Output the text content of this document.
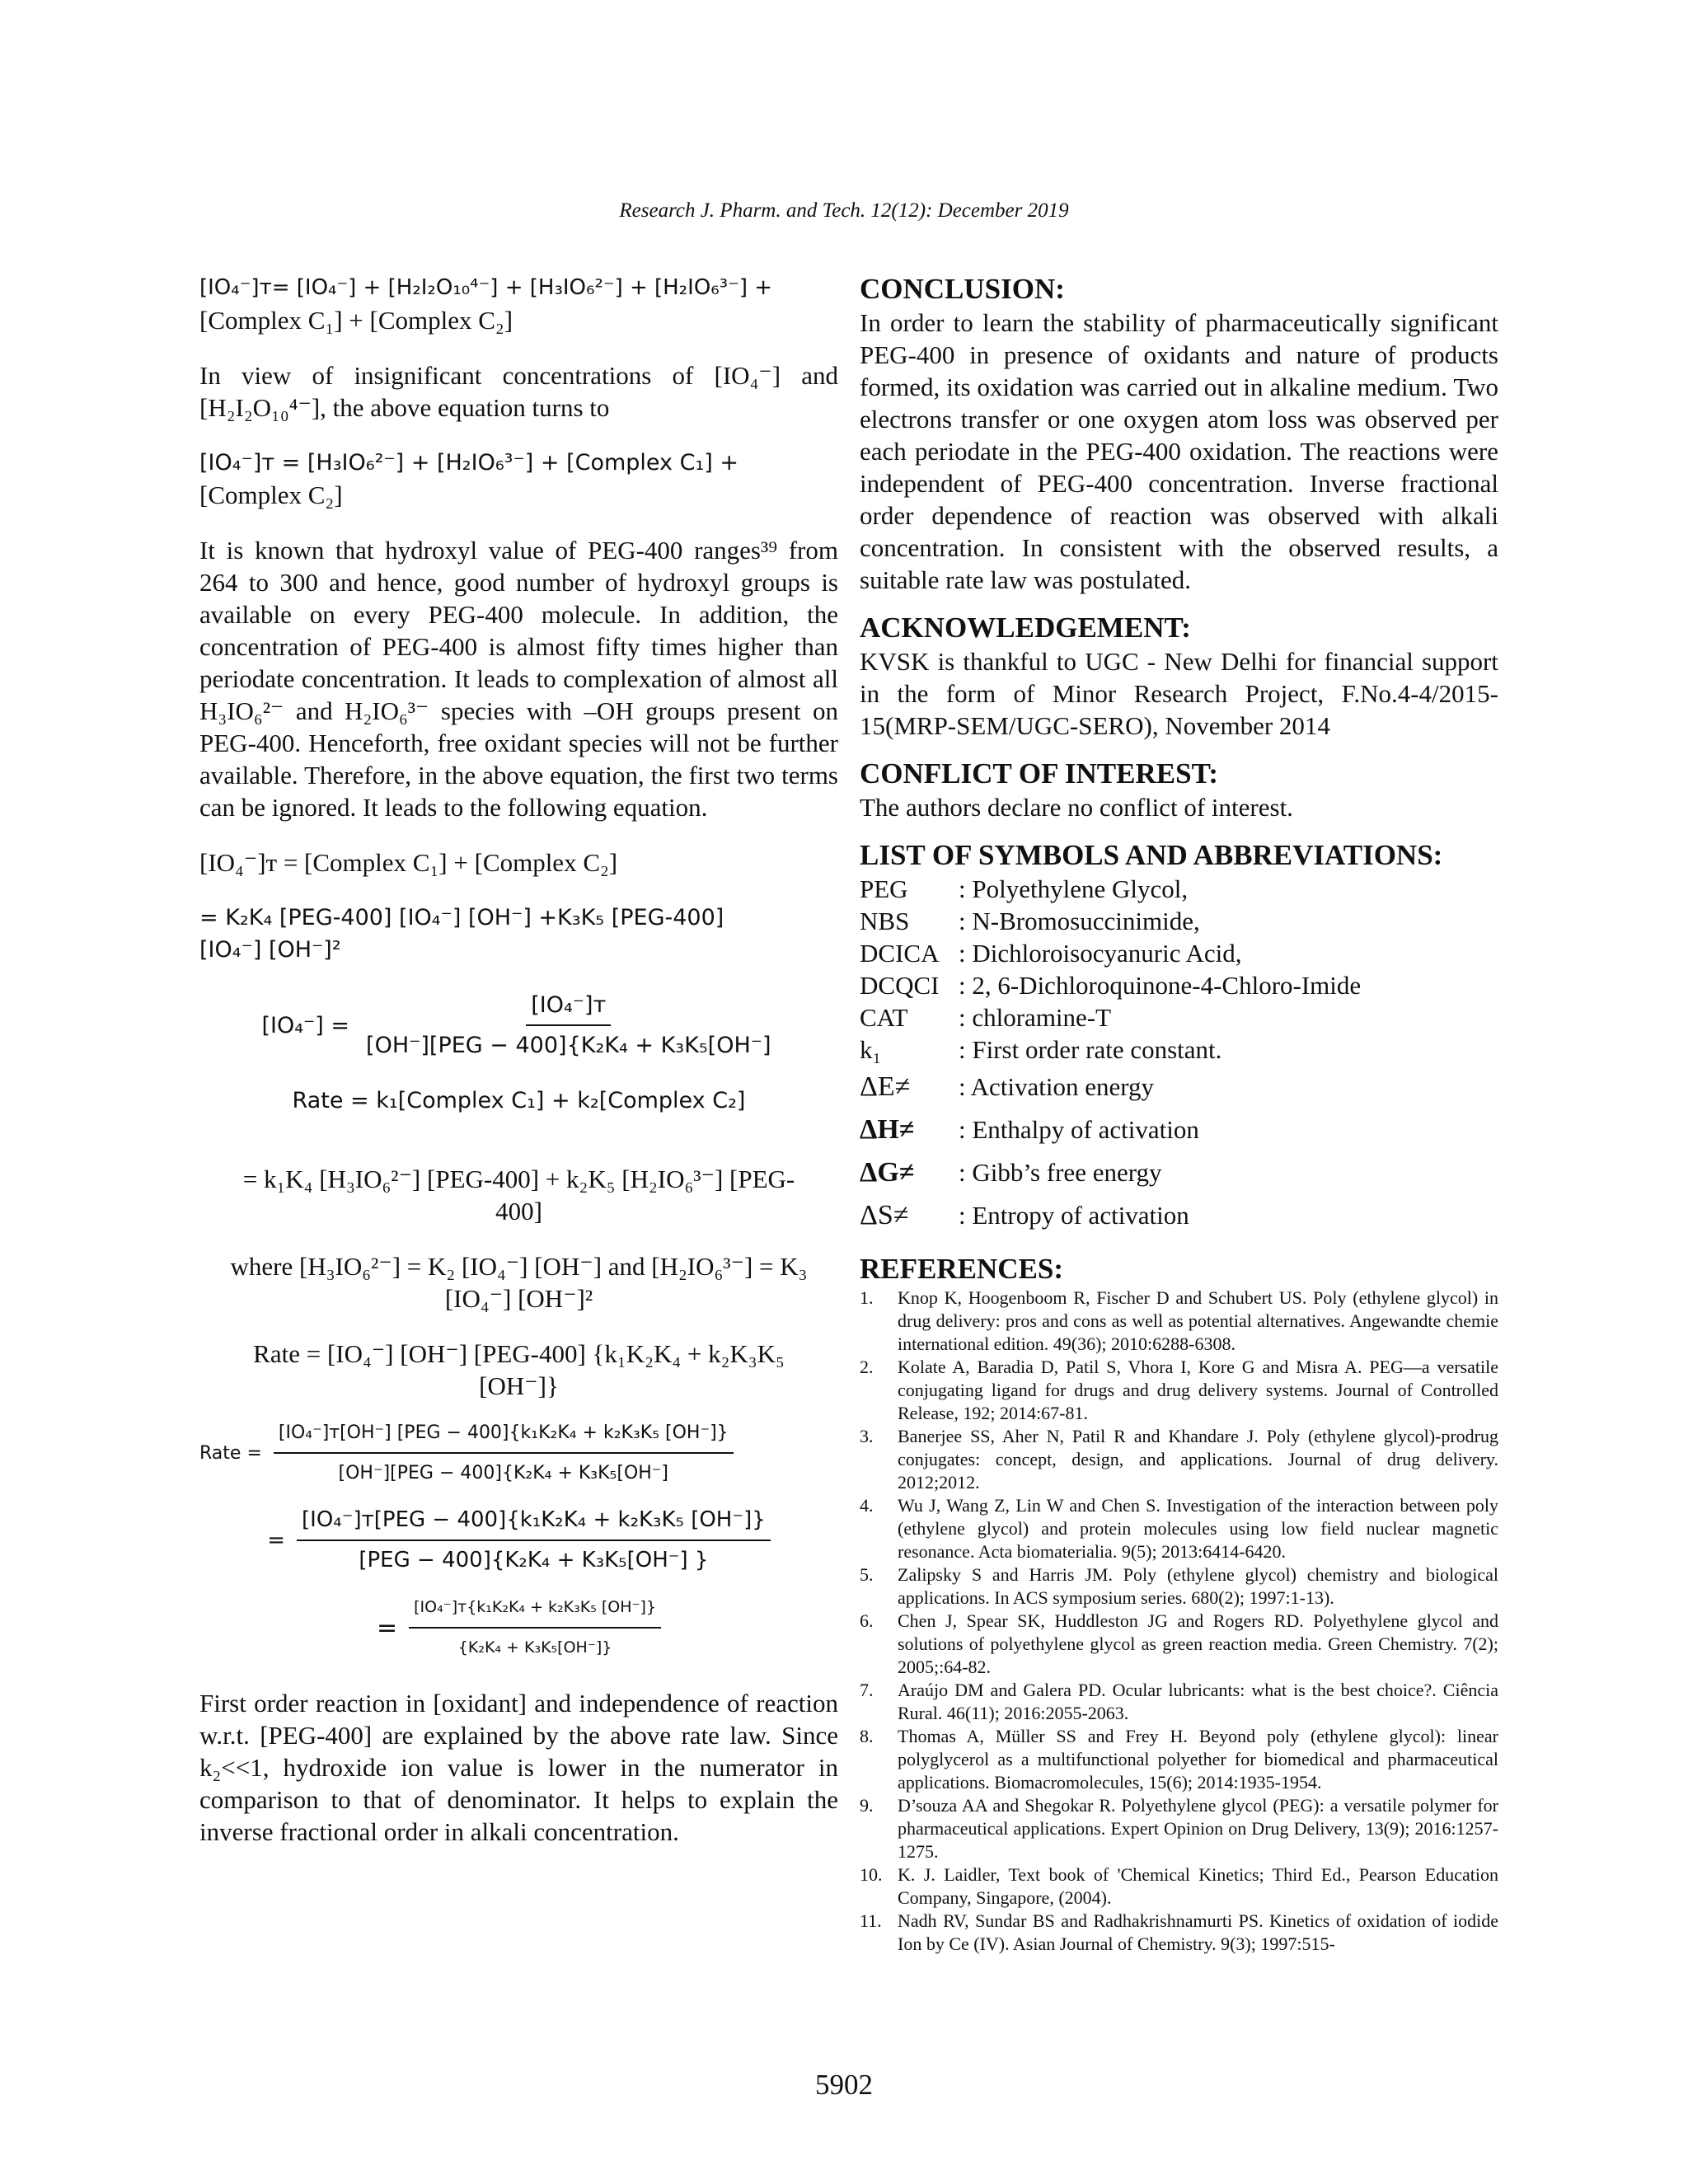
Research J. Pharm. and Tech. 12(12): December 2019

[IO₄⁻]ᴛ= [IO₄⁻] + [H₂I₂O₁₀⁴⁻] + [H₃IO₆²⁻] + [H₂IO₆³⁻] +

[Complex C₁] + [Complex C₂]

In view of insignificant concentrations of [IO₄⁻] and [H₂I₂O₁₀⁴⁻], the above equation turns to

[IO₄⁻]ᴛ = [H₃IO₆²⁻] + [H₂IO₆³⁻] + [Complex C₁] +

[Complex C₂]

It is known that hydroxyl value of PEG-400 ranges³⁹ from 264 to 300 and hence, good number of hydroxyl groups is available on every PEG-400 molecule. In addition, the concentration of PEG-400 is almost fifty times higher than periodate concentration. It leads to complexation of almost all H₃IO₆²⁻ and H₂IO₆³⁻ species with –OH groups present on PEG-400. Henceforth, free oxidant species will not be further available. Therefore, in the above equation, the first two terms can be ignored. It leads to the following equation.

[IO₄⁻]ᴛ = [Complex C₁] + [Complex C₂]

= K₂K₄ [PEG-400] [IO₄⁻] [OH⁻] +K₃K₅ [PEG-400]

[IO₄⁻] [OH⁻]²

$[IO_4^-] = \frac{\text{[IO₄⁻]ᴛ}}{\text{[OH⁻][PEG − 400]\{K₂K₄ + K₃K₅[OH⁻]}}$

Rate = k₁[Complex C₁] + k₂[Complex C₂]

= k₁K₄ [H₃IO₆²⁻] [PEG-400] + k₂K₅ [H₂IO₆³⁻] [PEG-

400]

where [H₃IO₆²⁻] = K₂ [IO₄⁻] [OH⁻] and [H₂IO₆³⁻] = K₃

[IO₄⁻] [OH⁻]²

Rate = [IO₄⁻] [OH⁻] [PEG-400] {k₁K₂K₄ + k₂K₃K₅

[OH⁻]}

Rate = $\frac{\text{[IO₄⁻]ᴛ[OH⁻] [PEG − 400]\{k₁K₂K₄ + k₂K₃K₅ [OH⁻]\}}}{\text{[OH⁻][PEG − 400]\{K₂K₄ + K₃K₅[OH⁻]}}$
= $\frac{\text{[IO₄⁻]ᴛ[PEG − 400]\{k₁K₂K₄ + k₂K₃K₅ [OH⁻]\}}}{\text{[PEG − 400]\{K₂K₄ + K₃K₅[OH⁻] \}}}$
= $\frac{\text{[IO₄⁻]ᴛ\{k₁K₂K₄ + k₂K₃K₅ [OH⁻]\}}}{\text{\{K₂K₄ + K₃K₅[OH⁻]\}}}$

First order reaction in [oxidant] and independence of reaction w.r.t. [PEG-400] are explained by the above rate law. Since k₂<<1, hydroxide ion value is lower in the numerator in comparison to that of denominator. It helps to explain the inverse fractional order in alkali concentration.

CONCLUSION:

In order to learn the stability of pharmaceutically significant PEG-400 in presence of oxidants and nature of products formed, its oxidation was carried out in alkaline medium. Two electrons transfer or one oxygen atom loss was observed per each periodate in the PEG-400 oxidation. The reactions were independent of PEG-400 concentration. Inverse fractional order dependence of reaction was observed with alkali concentration. In consistent with the observed results, a suitable rate law was postulated.

ACKNOWLEDGEMENT:

KVSK is thankful to UGC - New Delhi for financial support in the form of Minor Research Project, F.No.4-4/2015-15(MRP-SEM/UGC-SERO), November 2014

CONFLICT OF INTEREST:

The authors declare no conflict of interest.

LIST OF SYMBOLS AND ABBREVIATIONS:
PEG	: Polyethylene Glycol,
NBS	: N-Bromosuccinimide,
DCICA : Dichloroisocyanuric Acid,
DCQCI : 2, 6-Dichloroquinone-4-Chloro-Imide
CAT	: chloramine-T
k₁	: First order rate constant.
ΔE≠	: Activation energy
ΔH≠	: Enthalpy of activation
ΔG≠	: Gibb’s free energy
ΔS≠	: Entropy of activation
REFERENCES:
1.	Knop K, Hoogenboom R, Fischer D and Schubert US. Poly (ethylene glycol) in drug delivery: pros and cons as well as potential alternatives. Angewandte chemie international edition. 49(36); 2010:6288-6308.
2.	Kolate A, Baradia D, Patil S, Vhora I, Kore G and Misra A. PEG—a versatile conjugating ligand for drugs and drug delivery systems. Journal of Controlled Release, 192; 2014:67-81.
3.	Banerjee SS, Aher N, Patil R and Khandare J. Poly (ethylene glycol)-prodrug conjugates: concept, design, and applications. Journal of drug delivery. 2012;2012.
4.	Wu J, Wang Z, Lin W and Chen S. Investigation of the interaction between poly (ethylene glycol) and protein molecules using low field nuclear magnetic resonance. Acta biomaterialia. 9(5); 2013:6414-6420.
5.	Zalipsky S and Harris JM. Poly (ethylene glycol) chemistry and biological applications. In ACS symposium series. 680(2); 1997:1-13).
6.	Chen J, Spear SK, Huddleston JG and Rogers RD. Polyethylene glycol and solutions of polyethylene glycol as green reaction media. Green Chemistry. 7(2); 2005;:64-82.
7.	Araújo DM and Galera PD. Ocular lubricants: what is the best choice?. Ciência Rural. 46(11); 2016:2055-2063.
8.	Thomas A, Müller SS and Frey H. Beyond poly (ethylene glycol): linear polyglycerol as a multifunctional polyether for biomedical and pharmaceutical applications. Biomacromolecules, 15(6); 2014:1935-1954.
9.	D’souza AA and Shegokar R. Polyethylene glycol (PEG): a versatile polymer for pharmaceutical applications. Expert Opinion on Drug Delivery, 13(9); 2016:1257-1275.
10. K. J. Laidler, Text book of 'Chemical Kinetics; Third Ed., Pearson Education Company, Singapore, (2004).
11. Nadh RV, Sundar BS and Radhakrishnamurti PS. Kinetics of oxidation of iodide Ion by Ce (IV). Asian Journal of Chemistry. 9(3); 1997:515-
5902
